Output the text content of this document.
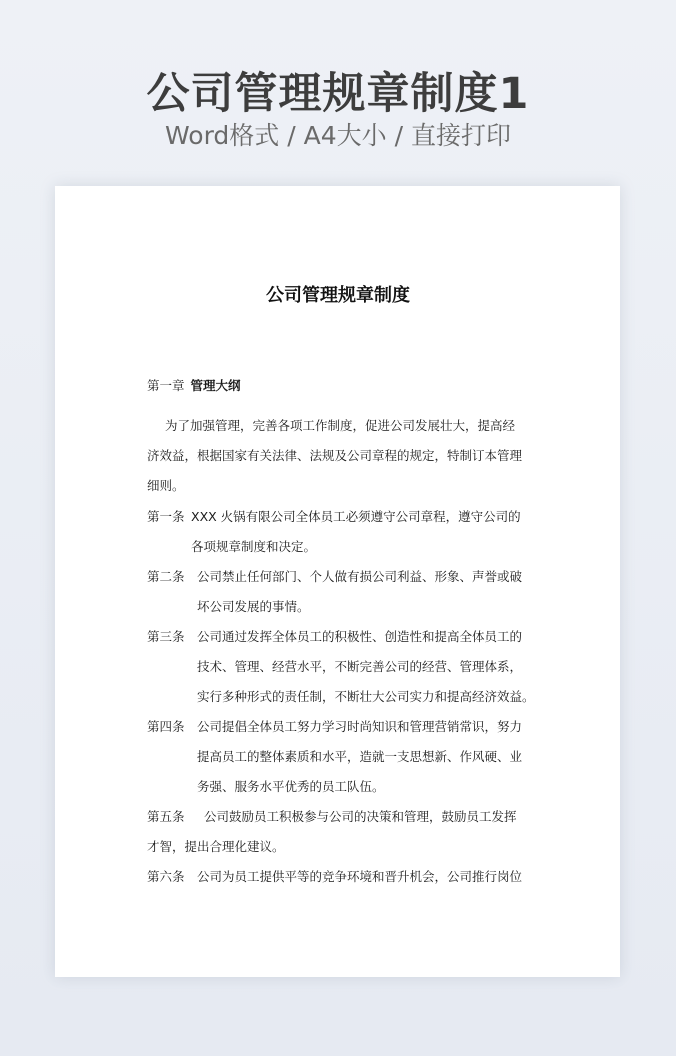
公司管理规章制度1
Word格式 / A4大小 / 直接打印
公司管理规章制度
第一章 管理大纲
为了加强管理，完善各项工作制度，促进公司发展壮大，提高经
济效益，根据国家有关法律、法规及公司章程的规定，特制订本管理
细则。
第一条 XXX 火锅有限公司全体员工必须遵守公司章程，遵守公司的
各项规章制度和决定。
第二条 公司禁止任何部门、个人做有损公司利益、形象、声誉或破
坏公司发展的事情。
第三条 公司通过发挥全体员工的积极性、创造性和提高全体员工的
技术、管理、经营水平，不断完善公司的经营、管理体系，
实行多种形式的责任制，不断壮大公司实力和提高经济效益。
第四条 公司提倡全体员工努力学习时尚知识和管理营销常识，努力
提高员工的整体素质和水平，造就一支思想新、作风硬、业
务强、服务水平优秀的员工队伍。
第五条 公司鼓励员工积极参与公司的决策和管理，鼓励员工发挥
才智，提出合理化建议。
第六条 公司为员工提供平等的竞争环境和晋升机会，公司推行岗位
